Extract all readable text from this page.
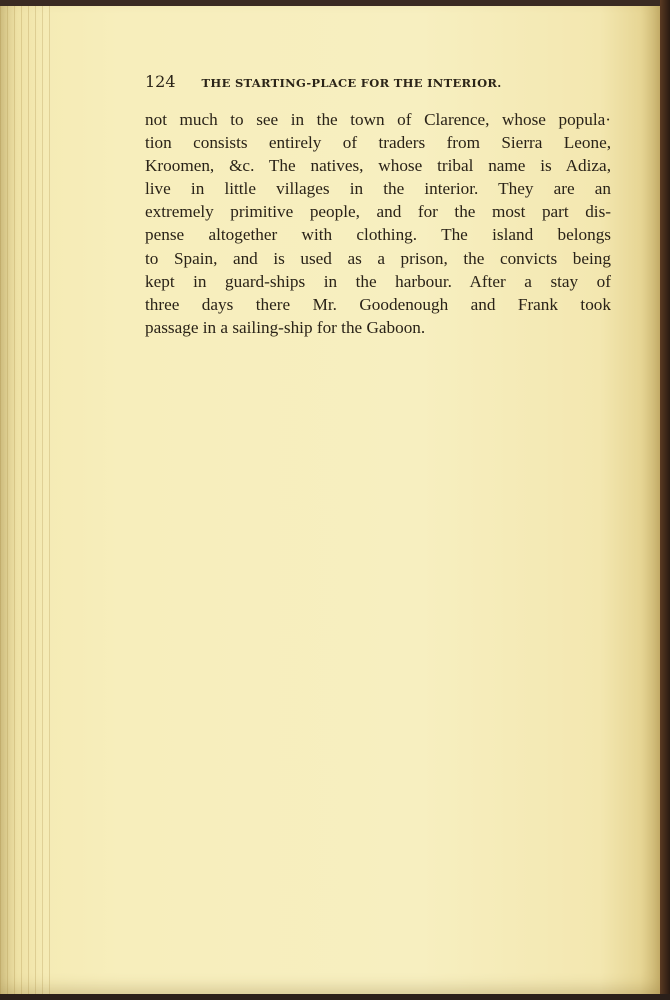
124 THE STARTING-PLACE FOR THE INTERIOR.
not much to see in the town of Clarence, whose popula·
tion consists entirely of traders from Sierra Leone,
Kroomen, &c. The natives, whose tribal name is Adiza,
live in little villages in the interior. They are an
extremely primitive people, and for the most part dis-
pense altogether with clothing. The island belongs
to Spain, and is used as a prison, the convicts being
kept in guard-ships in the harbour. After a stay of
three days there Mr. Goodenough and Frank took
passage in a sailing-ship for the Gaboon.
